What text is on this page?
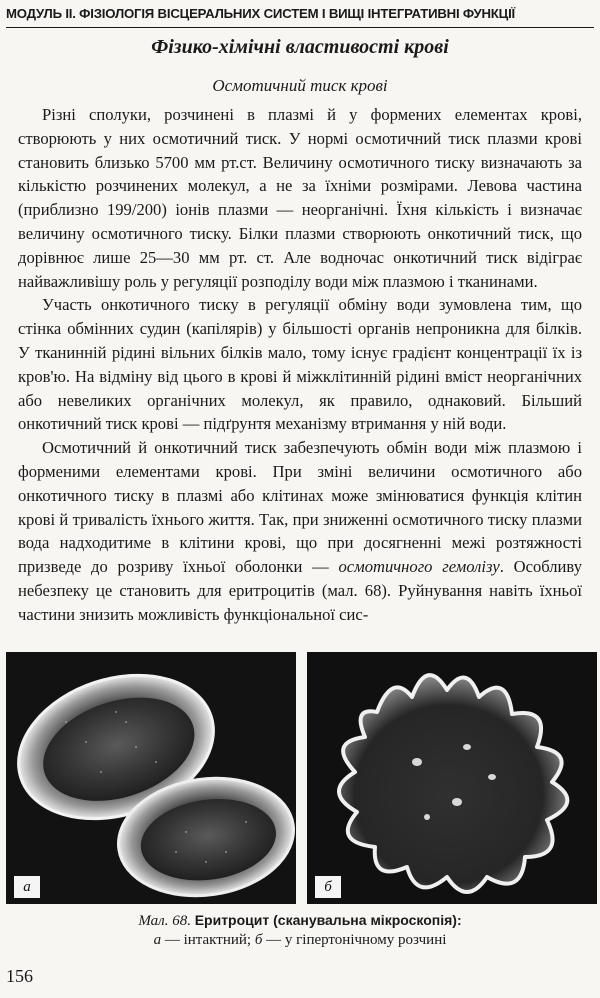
МОДУЛЬ II. ФІЗІОЛОГІЯ ВІСЦЕРАЛЬНИХ СИСТЕМ І ВИЩІ ІНТЕГРАТИВНІ ФУНКЦІЇ
Фізико-хімічні властивості крові
Осмотичний тиск крові

Різні сполуки, розчинені в плазмі й у формених елементах крові, створюють у них осмотичний тиск. У нормі осмотичний тиск плазми крові становить близько 5700 мм рт.ст. Величину осмотичного тиску визначають за кількістю розчинених молекул, а не за їхніми розмірами. Левова частина (приблизно 199/200) іонів плазми — неорганічні. Їхня кількість і визначає величину осмотичного тиску. Білки плазми створюють онкотичний тиск, що дорівнює лише 25—30 мм рт. ст. Але водночас онкотичний тиск відіграє найважливішу роль у регуляції розподілу води між плазмою і тканинами.

Участь онкотичного тиску в регуляції обміну води зумовлена тим, що стінка обмінних судин (капілярів) у більшості органів непроникна для білків. У тканинній рідині вільних білків мало, тому існує градієнт концентрації їх із кров'ю. На відміну від цього в крові й міжклітинній рідині вміст неорганічних або невеликих органічних молекул, як правило, однаковий. Більший онкотичний тиск крові — підґрунтя механізму втримання у ній води.

Осмотичний й онкотичний тиск забезпечують обмін води між плазмою і форменими елементами крові. При зміні величини осмотичного або онкотичного тиску в плазмі або клітинах може змінюватися функція клітин крові й тривалість їхнього життя. Так, при зниженні осмотичного тиску плазми вода надходитиме в клітини крові, що при досягненні межі розтяжності призведе до розриву їхньої оболонки — осмотичного гемолізу. Особливу небезпеку це становить для еритроцитів (мал. 68). Руйнування навіть їхньої частини знизить можливість функціональної сис-

а	б
Мал. 68. Еритроцит (сканувальна мікроскопія):
а — інтактний; б — у гіпертонічному розчині
156
